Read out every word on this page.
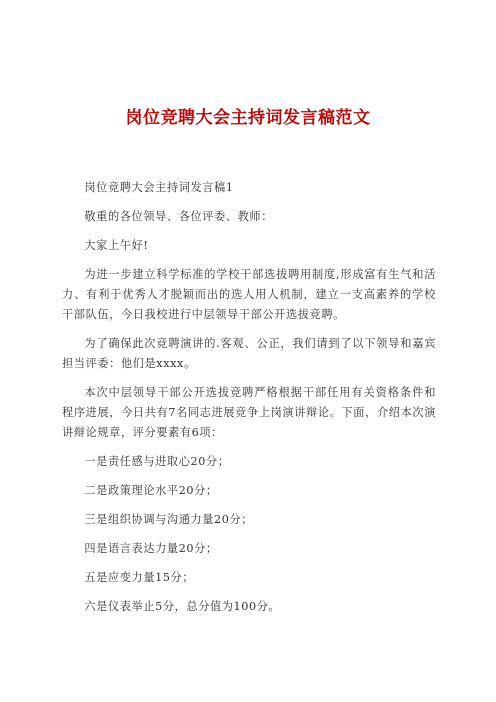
岗位竞聘大会主持词发言稿范文

岗位竞聘大会主持词发言稿1

敬重的各位领导、各位评委、教师：

大家上午好!

为进一步建立科学标准的学校干部选拔聘用制度,形成富有生气和活力、有利于优秀人才脱颖而出的选人用人机制，建立一支高素养的学校干部队伍，今日我校进行中层领导干部公开选拔竞聘。

为了确保此次竞聘演讲的.客观、公正，我们请到了以下领导和嘉宾担当评委：他们是xxxx。

本次中层领导干部公开选拔竞聘严格根据干部任用有关资格条件和程序进展，今日共有7名同志进展竞争上岗演讲辩论。下面，介绍本次演讲辩论规章，评分要素有6项：

一是责任感与进取心20分；

二是政策理论水平20分；

三是组织协调与沟通力量20分；

四是语言表达力量20分；

五是应变力量15分；

六是仪表举止5分，总分值为100分。
